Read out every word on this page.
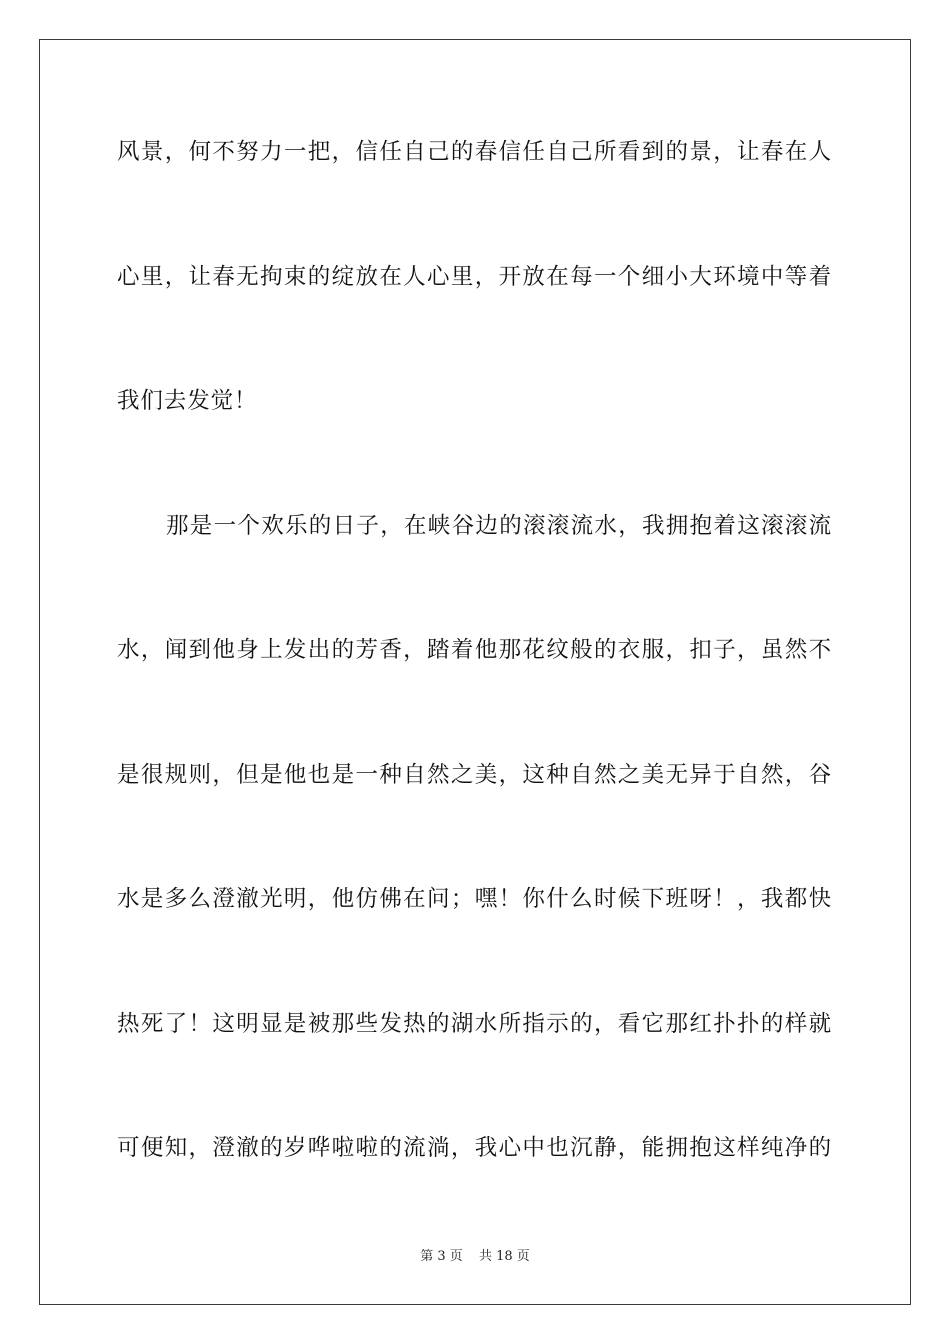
风景，何不努力一把，信任自己的春信任自己所看到的景，让春在人
心里，让春无拘束的绽放在人心里，开放在每一个细小大环境中等着
我们去发觉！
那是一个欢乐的日子，在峡谷边的滚滚流水，我拥抱着这滚滚流
水，闻到他身上发出的芳香，踏着他那花纹般的衣服，扣子，虽然不
是很规则，但是他也是一种自然之美，这种自然之美无异于自然，谷
水是多么澄澈光明，他仿佛在问；嘿！你什么时候下班呀！，我都快
热死了！这明显是被那些发热的湖水所指示的，看它那红扑扑的样就
可便知，澄澈的岁哗啦啦的流淌，我心中也沉静，能拥抱这样纯净的
第 3 页 共 18 页
